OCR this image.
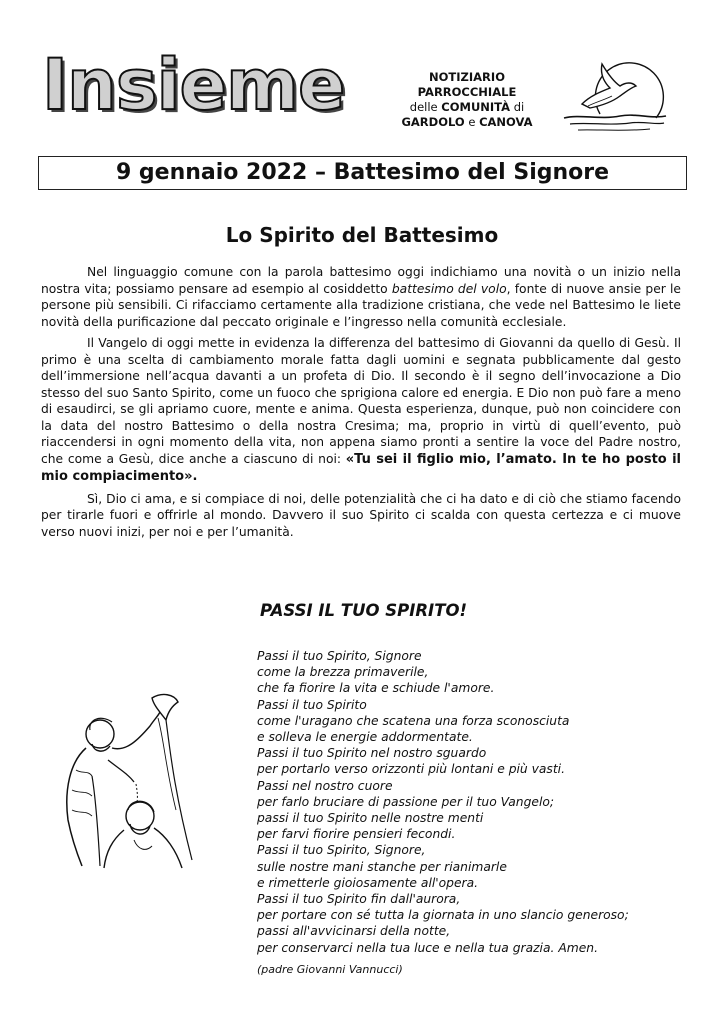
Insieme	NOTIZIARIO
PARROCCHIALE
delle COMUNITÀ di
GARDOLO e CANOVA
9 gennaio 2022 – Battesimo del Signore
Lo Spirito del Battesimo

Nel linguaggio comune con la parola battesimo oggi indichiamo una novità o un inizio nella nostra vita; possiamo pensare ad esempio al cosiddetto battesimo del volo, fonte di nuove ansie per le persone più sensibili. Ci rifacciamo certamente alla tradizione cristiana, che vede nel Battesimo le liete novità della purificazione dal peccato originale e l’ingresso nella comunità ecclesiale.

Il Vangelo di oggi mette in evidenza la differenza del battesimo di Giovanni da quello di Gesù. Il primo è una scelta di cambiamento morale fatta dagli uomini e segnata pubblicamente dal gesto dell’immersione nell’acqua davanti a un profeta di Dio. Il secondo è il segno dell’invocazione a Dio stesso del suo Santo Spirito, come un fuoco che sprigiona calore ed energia. E Dio non può fare a meno di esaudirci, se gli apriamo cuore, mente e anima. Questa esperienza, dunque, può non coincidere con la data del nostro Battesimo o della nostra Cresima; ma, proprio in virtù di quell’evento, può riaccendersi in ogni momento della vita, non appena siamo pronti a sentire la voce del Padre nostro, che come a Gesù, dice anche a ciascuno di noi: «Tu sei il figlio mio, l’amato. In te ho posto il mio compiacimento».

Sì, Dio ci ama, e si compiace di noi, delle potenzialità che ci ha dato e di ciò che stiamo facendo per tirarle fuori e offrirle al mondo. Davvero il suo Spirito ci scalda con questa certezza e ci muove verso nuovi inizi, per noi e per l’umanità.

PASSI IL TUO SPIRITO!
Passi il tuo Spirito, Signore
come la brezza primaverile,
che fa fiorire la vita e schiude l'amore.
Passi il tuo Spirito
come l'uragano che scatena una forza sconosciuta
e solleva le energie addormentate.
Passi il tuo Spirito nel nostro sguardo
per portarlo verso orizzonti più lontani e più vasti.
Passi nel nostro cuore
per farlo bruciare di passione per il tuo Vangelo;
passi il tuo Spirito nelle nostre menti
per farvi fiorire pensieri fecondi.
Passi il tuo Spirito, Signore,
sulle nostre mani stanche per rianimarle
e rimetterle gioiosamente all'opera.
Passi il tuo Spirito fin dall'aurora,
per portare con sé tutta la giornata in uno slancio generoso;
passi all'avvicinarsi della notte,
per conservarci nella tua luce e nella tua grazia. Amen.
(padre Giovanni Vannucci)
